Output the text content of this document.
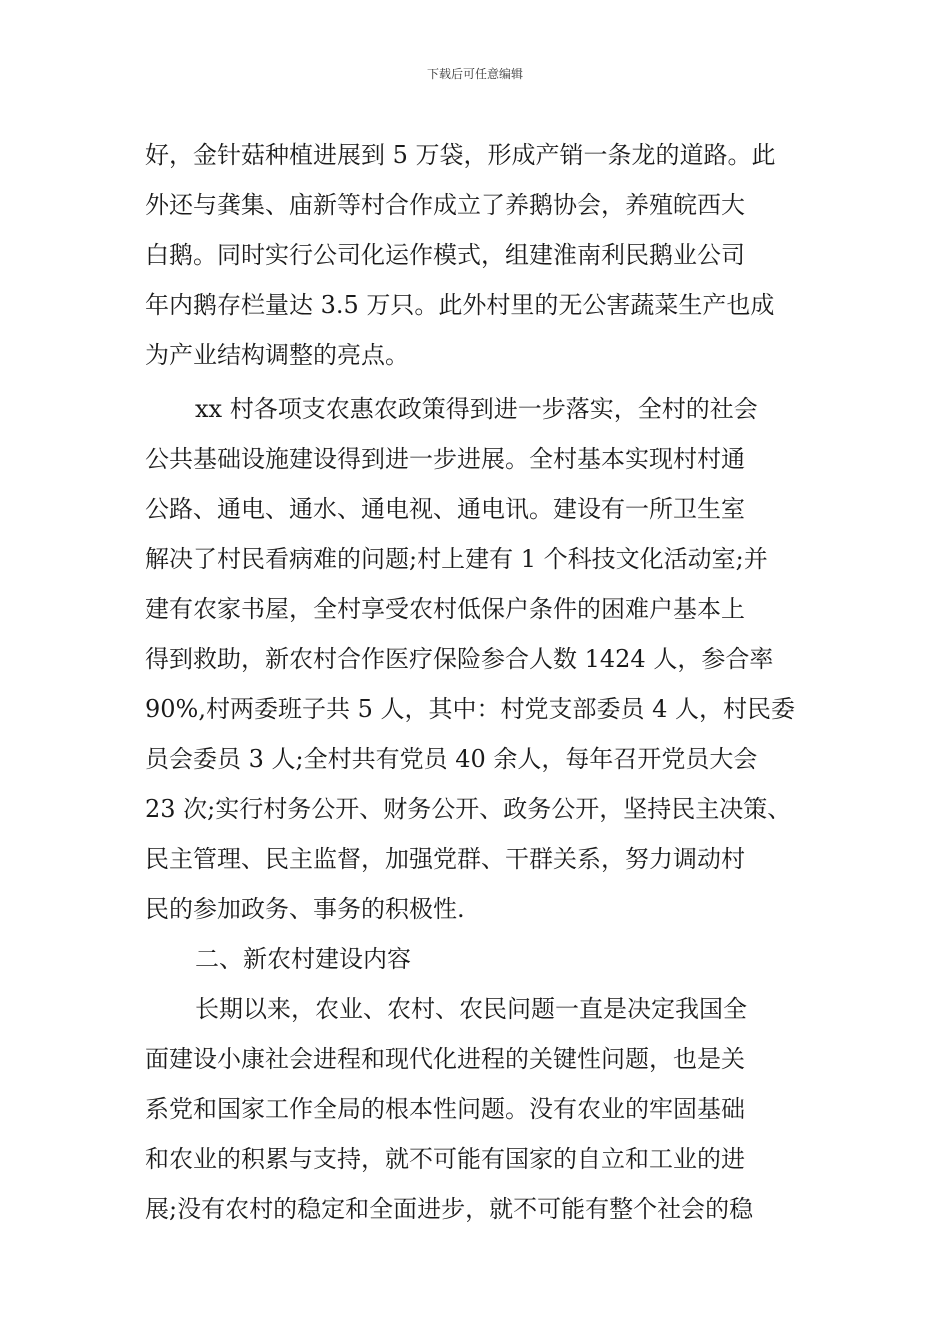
下载后可任意编辑
好，金针菇种植进展到 5 万袋，形成产销一条龙的道路。此
外还与龚集、庙新等村合作成立了养鹅协会，养殖皖西大
白鹅。同时实行公司化运作模式，组建淮南利民鹅业公司
年内鹅存栏量达 3.5 万只。此外村里的无公害蔬菜生产也成
为产业结构调整的亮点。
xx 村各项支农惠农政策得到进一步落实，全村的社会
公共基础设施建设得到进一步进展。全村基本实现村村通
公路、通电、通水、通电视、通电讯。建设有一所卫生室
解决了村民看病难的问题;村上建有 1 个科技文化活动室;并
建有农家书屋，全村享受农村低保户条件的困难户基本上
得到救助，新农村合作医疗保险参合人数 1424 人，参合率
90%,村两委班子共 5 人，其中：村党支部委员 4 人，村民委
员会委员 3 人;全村共有党员 40 余人，每年召开党员大会
23 次;实行村务公开、财务公开、政务公开，坚持民主决策、
民主管理、民主监督，加强党群、干群关系，努力调动村
民的参加政务、事务的积极性.
二、新农村建设内容
长期以来，农业、农村、农民问题一直是决定我国全
面建设小康社会进程和现代化进程的关键性问题，也是关
系党和国家工作全局的根本性问题。没有农业的牢固基础
和农业的积累与支持，就不可能有国家的自立和工业的进
展;没有农村的稳定和全面进步，就不可能有整个社会的稳
